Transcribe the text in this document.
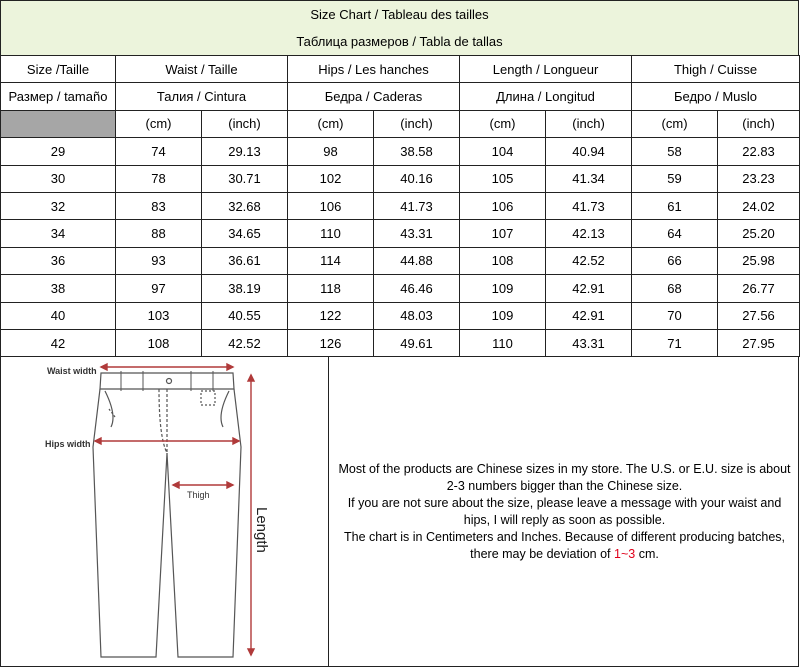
Size Chart / Tableau des tailles
Таблица размеров / Tabla de tallas
Size /Taille	Waist / Taille		Hips / Les hanches		Length / Longueur		Thigh / Cuisse	
Размер / tamaño	Талия / Cintura		Бедра / Caderas		Длина / Longitud		Бедро / Muslo	
	(cm)	(inch)	(cm)	(inch)	(cm)	(inch)	(cm)	(inch)
29	74	29.13	98	38.58	104	40.94	58	22.83
30	78	30.71	102	40.16	105	41.34	59	23.23
32	83	32.68	106	41.73	106	41.73	61	24.02
34	88	34.65	110	43.31	107	42.13	64	25.20
36	93	36.61	114	44.88	108	42.52	66	25.98
38	97	38.19	118	46.46	109	42.91	68	26.77
40	103	40.55	122	48.03	109	42.91	70	27.56
42	108	42.52	126	49.61	110	43.31	71	27.95
Waist width
Hips width
Thigh
Length
Most of the products are Chinese sizes in my store. The U.S. or E.U. size is about 2-3 numbers bigger than the Chinese size.
If you are not sure about the size, please leave a message with your waist and hips, I will reply as soon as possible.
The chart is in Centimeters and Inches. Because of different producing batches, there may be deviation of 1~3 cm.
